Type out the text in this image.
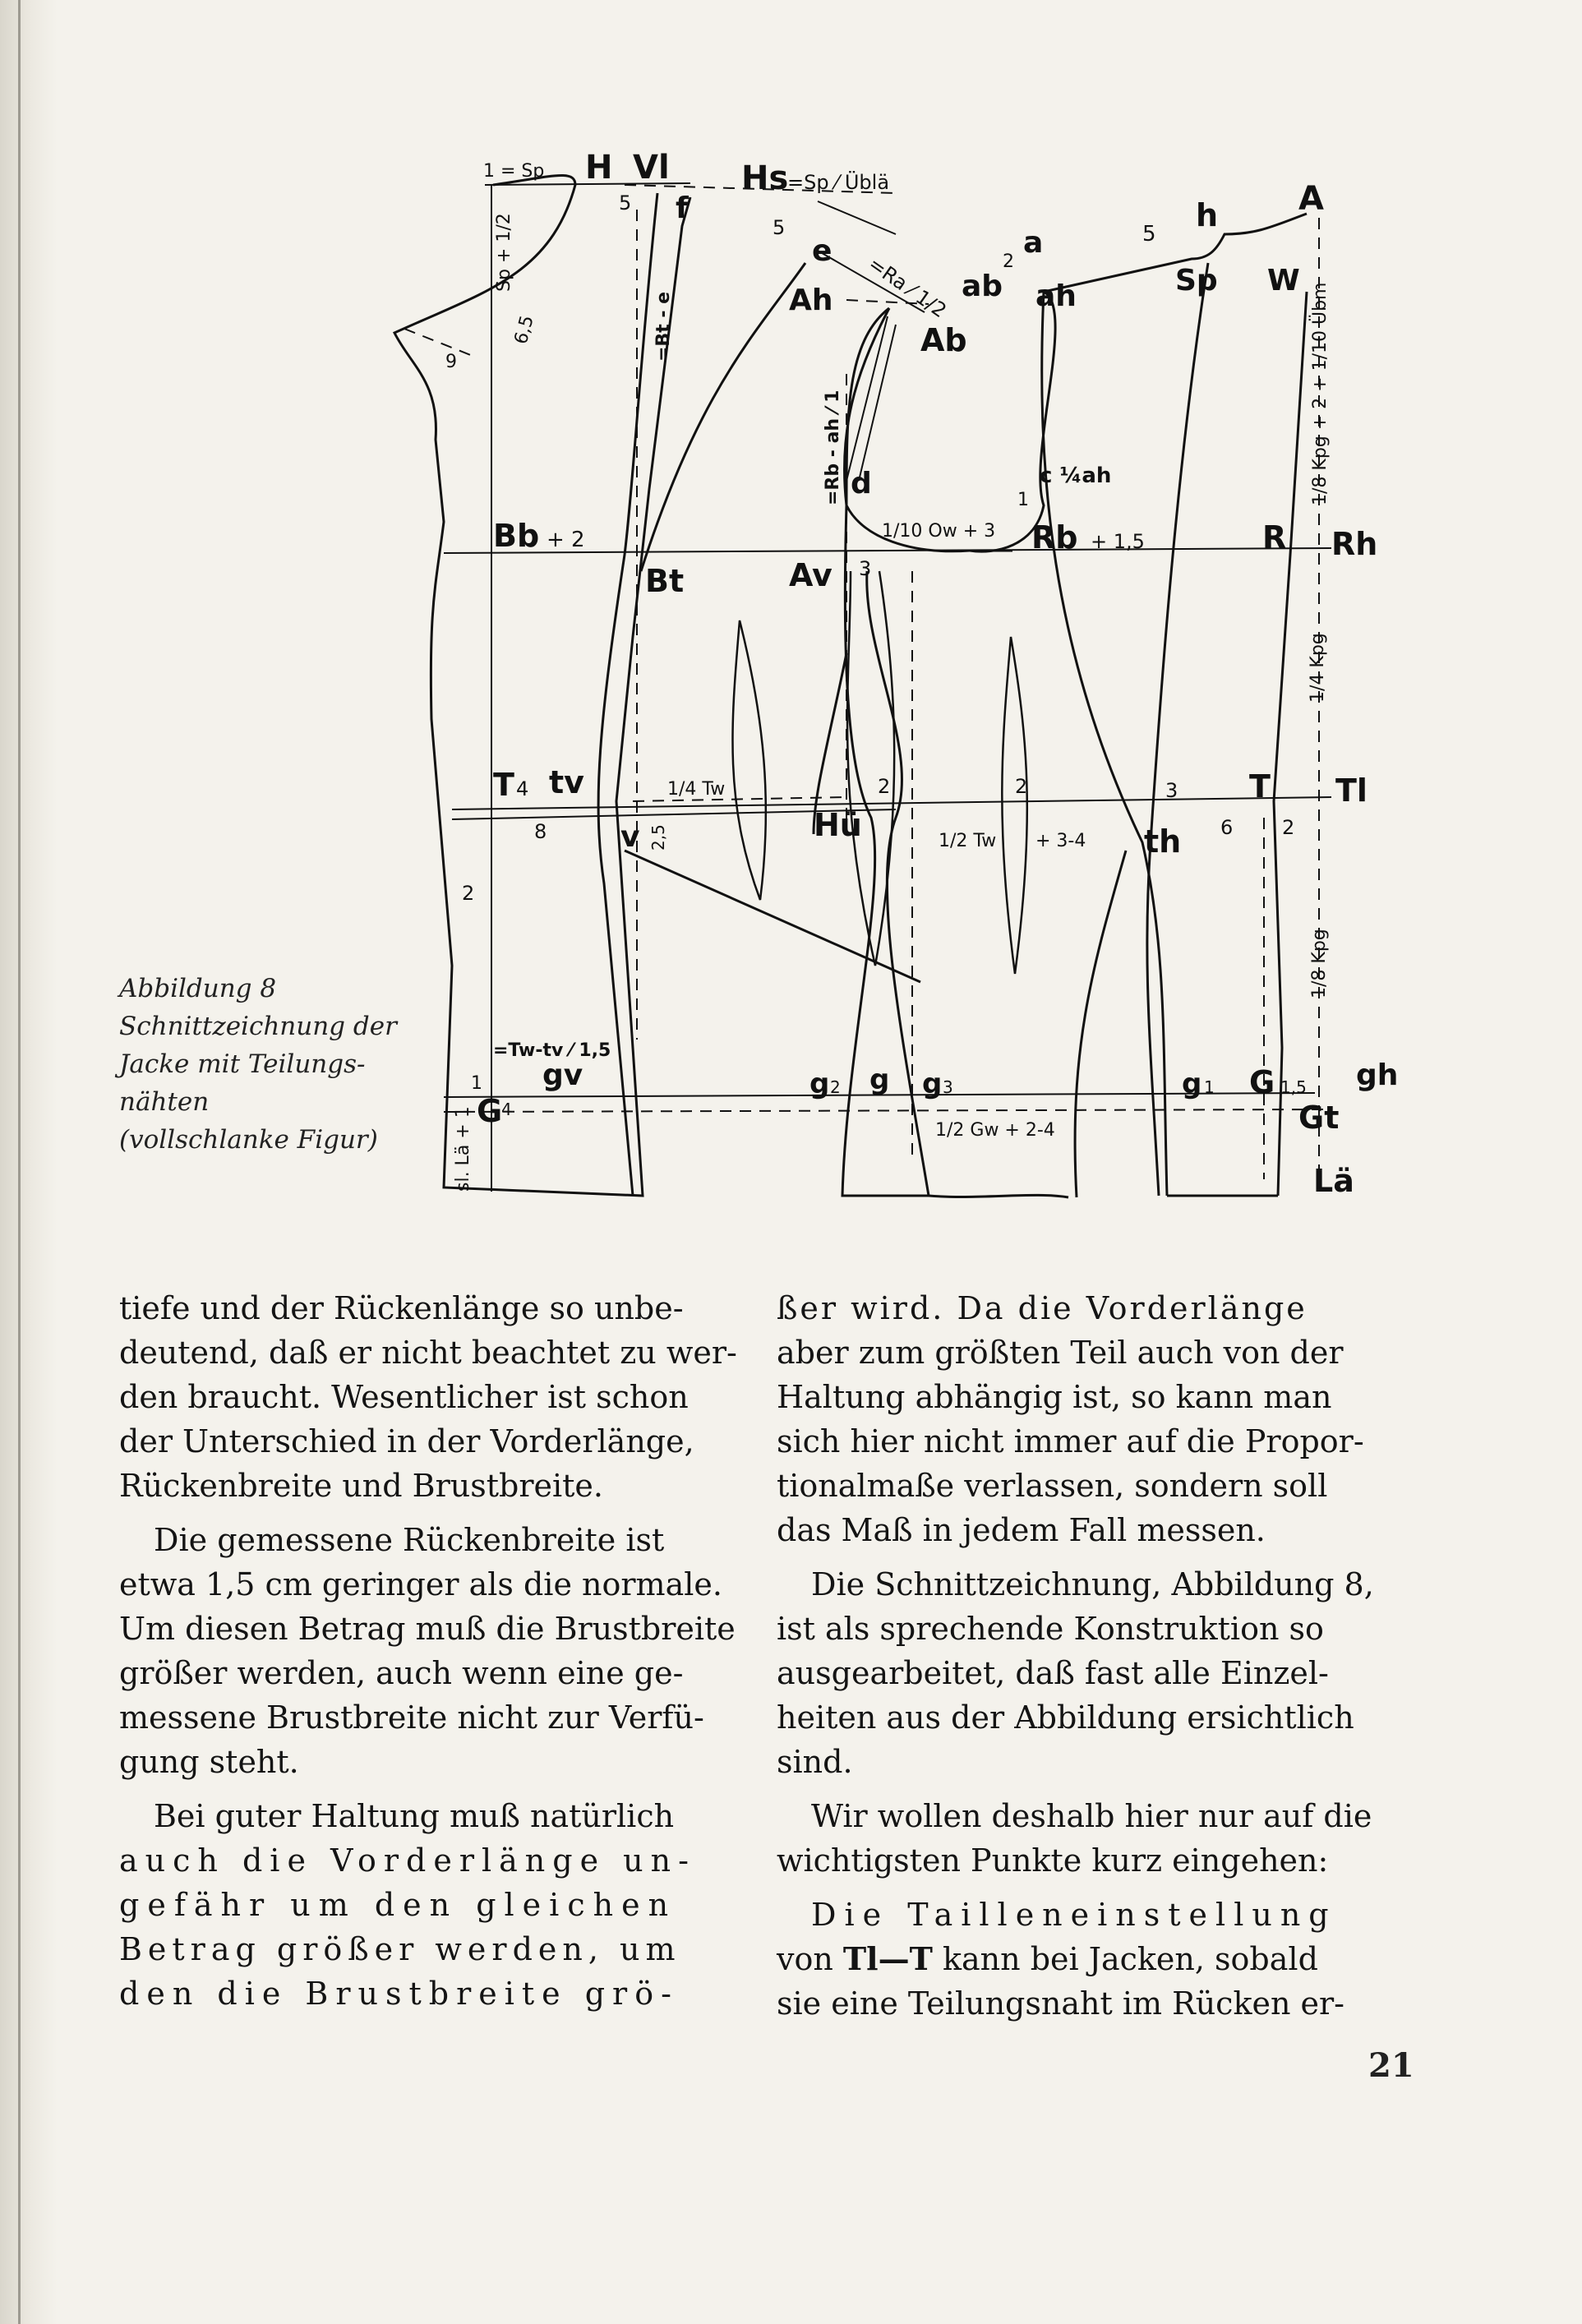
1 = Sp H Vl
5 f
Hs
=Sp ⁄ Üblä
5
=Ra ⁄ 1/2
e
Ah
Ab
a
2
5
h A
ab ah	Sp W
Sp + 1/2
6,5
9
=Bt - e
=Rb - ah ⁄ 1 d	c ¼ah
1	1/8 Kpg + 2 + 1/10 Übm
Bb + 2
Bt
1/10 Ow + 3 Rb + 1,5	R Rh
Av 3
1/4 Kpg
T 4 tv	1/4 Tw	2	2	3 T Tl
8 v 2,5	Hü	1/2 Tw + 3-4 th 6 2
2
1/8 Kpg
=Tw-tv ⁄ 1,5
gv
1
G
4
sl. Lä + 1
g 2 g g 3	g 1 G 1,5 gh
1/2 Gw + 2-4	Gt
Lä
Abbildung 8
Schnittzeichnung der
Jacke mit Teilungs-
nähten
(vollschlanke Figur)

tiefe und der Rückenlänge so unbe-
deutend, daß er nicht beachtet zu wer-
den braucht. Wesentlicher ist schon
der Unterschied in der Vorderlänge,
Rückenbreite und Brustbreite.

Die gemessene Rückenbreite ist
etwa 1,5 cm geringer als die normale.
Um diesen Betrag muß die Brustbreite
größer werden, auch wenn eine ge-
messene Brustbreite nicht zur Verfü-
gung steht.

Bei guter Haltung muß natürlich
auch die Vorderlänge un-
gefähr um den gleichen
Betrag größer werden, um
den die Brustbreite grö-

ßer wird. Da die Vorderlänge
aber zum größten Teil auch von der
Haltung abhängig ist, so kann man
sich hier nicht immer auf die Propor-
tionalmaße verlassen, sondern soll
das Maß in jedem Fall messen.

Die Schnittzeichnung, Abbildung 8,
ist als sprechende Konstruktion so
ausgearbeitet, daß fast alle Einzel-
heiten aus der Abbildung ersichtlich
sind.

Wir wollen deshalb hier nur auf die
wichtigsten Punkte kurz eingehen:

Die Tailleneinstellung
von Tl—T kann bei Jacken, sobald
sie eine Teilungsnaht im Rücken er-

21
